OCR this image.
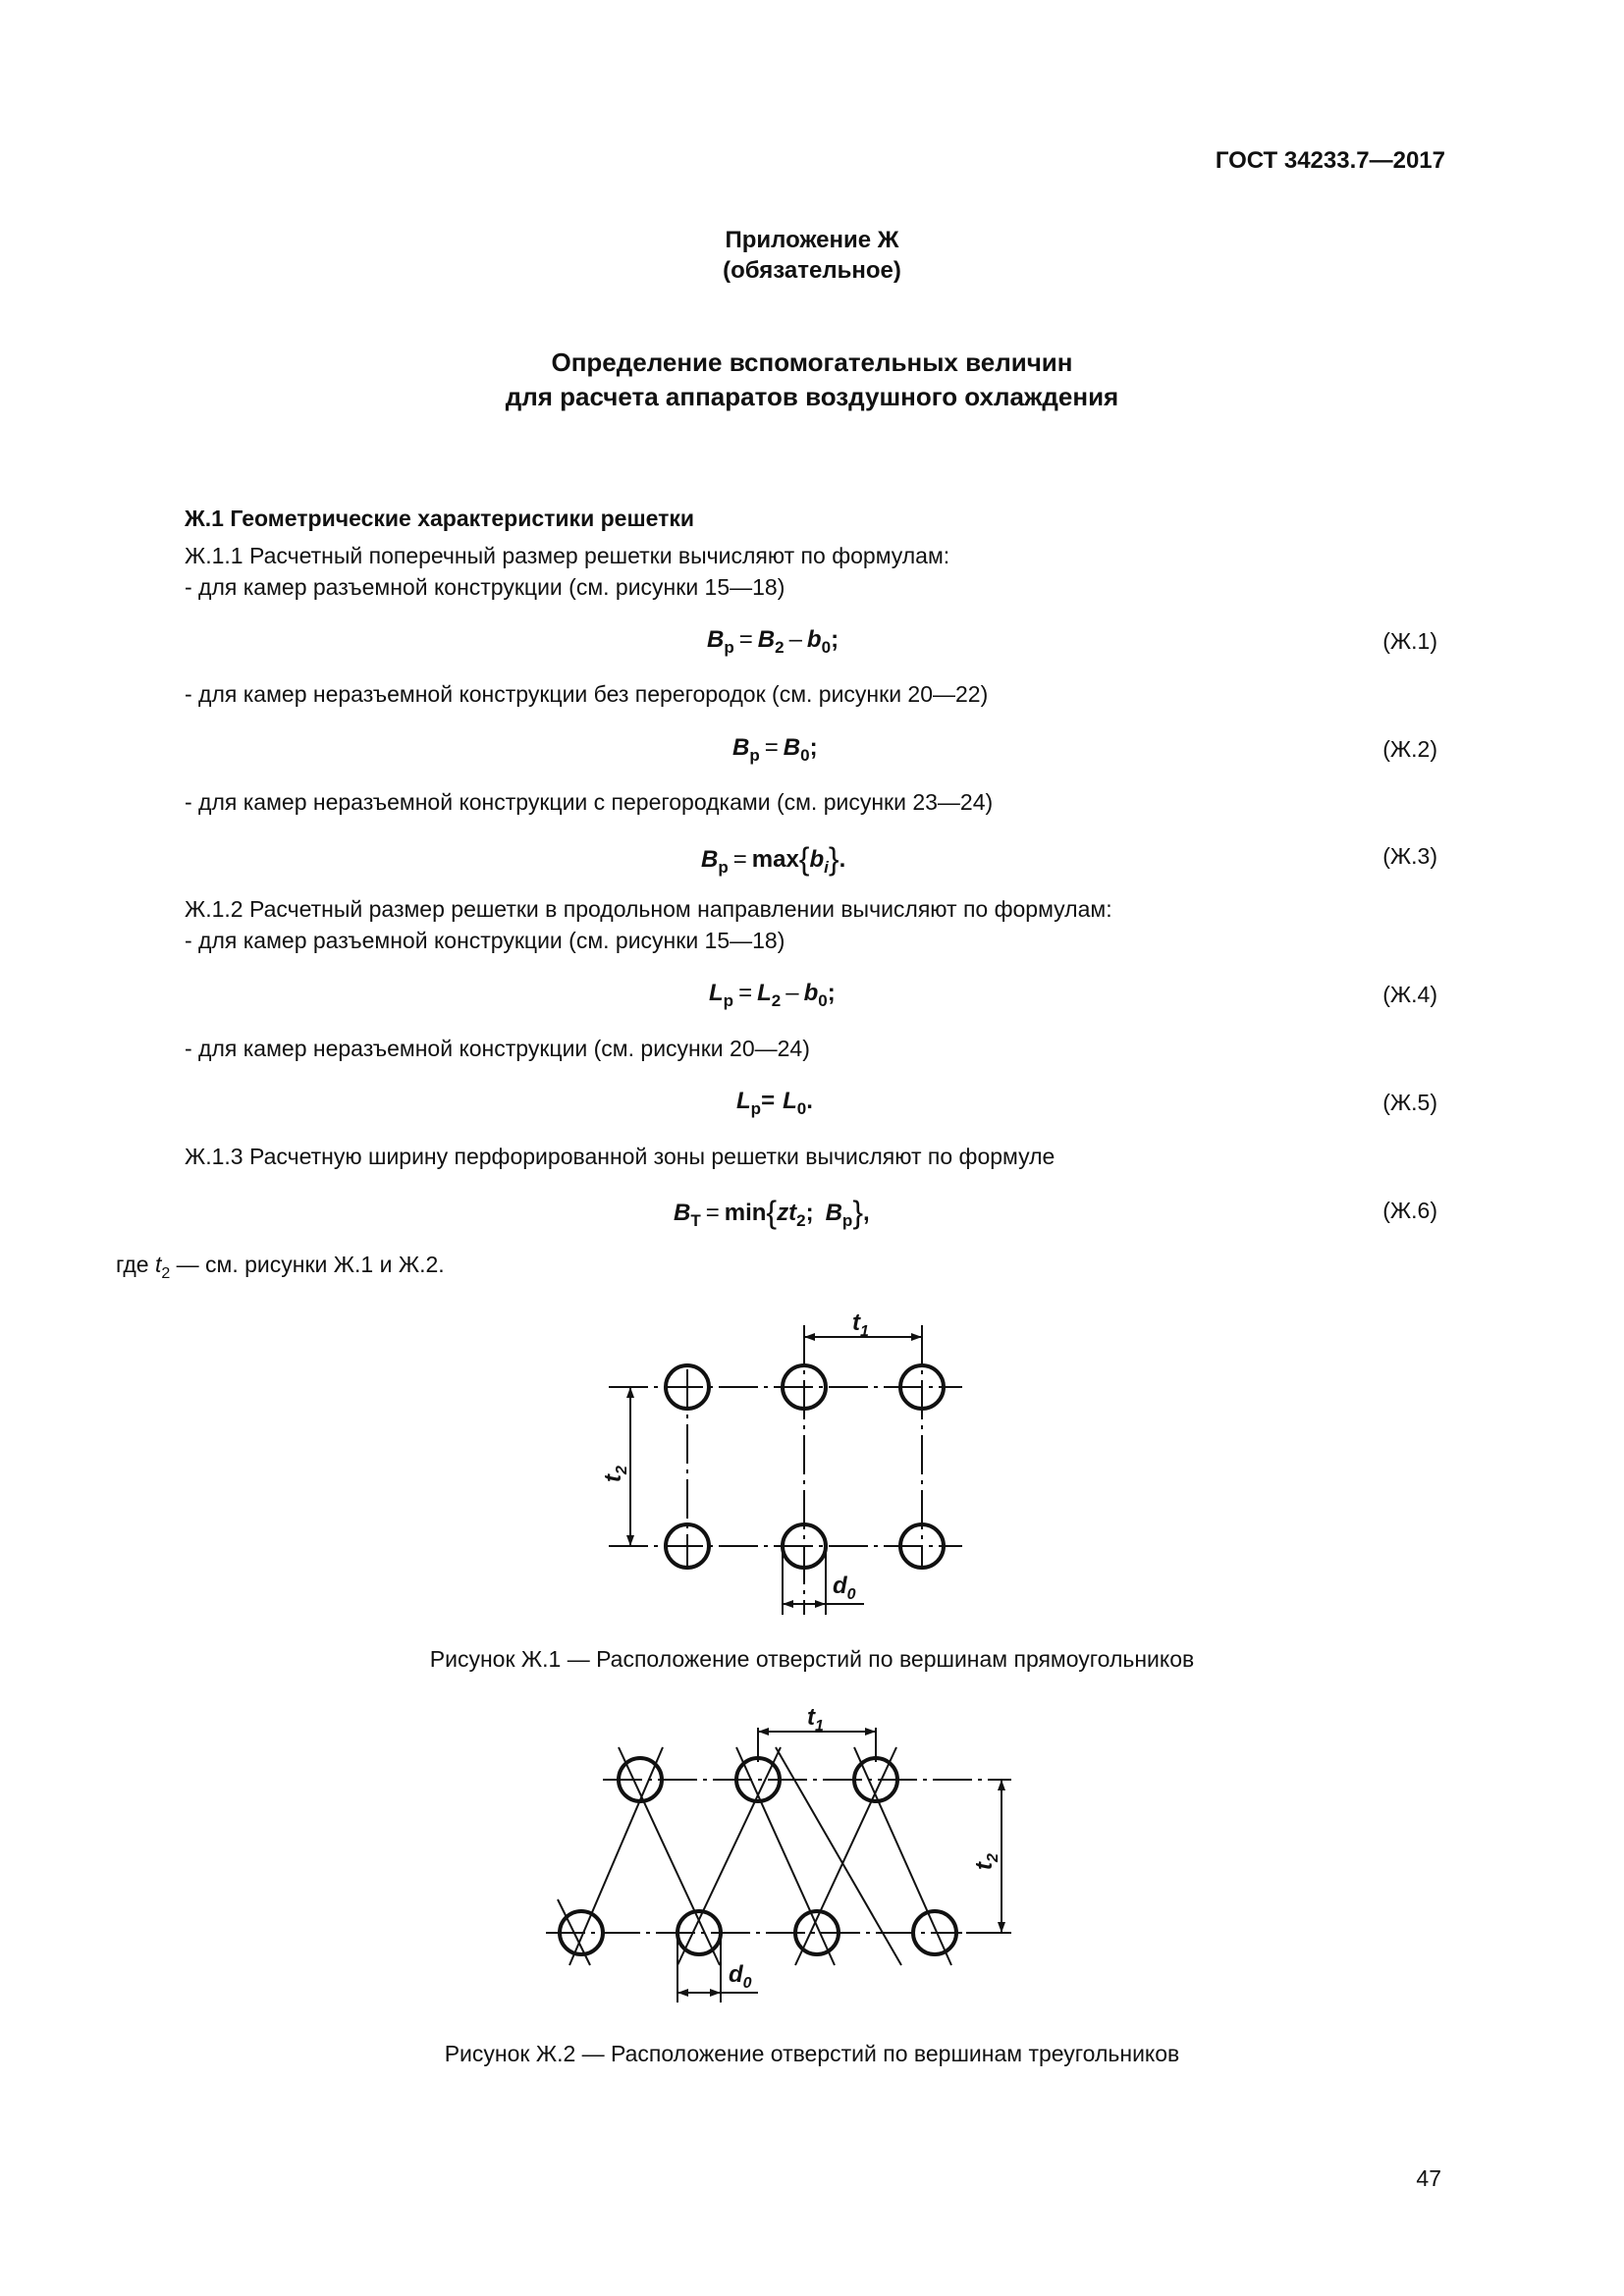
ГОСТ 34233.7—2017
Приложение Ж
(обязательное)
Определение вспомогательных величин
для расчета аппаратов воздушного охлаждения
Ж.1 Геометрические характеристики решетки
Ж.1.1 Расчетный поперечный размер решетки вычисляют по формулам:
- для камер разъемной конструкции (см. рисунки 15—18)
$B_p = B_2 - b_0$;	(Ж.1)
- для камер неразъемной конструкции без перегородок (см. рисунки 20—22)
$B_p = B_0$;	(Ж.2)
- для камер неразъемной конструкции с перегородками (см. рисунки 23—24)
$B_p = \max\{b_i\}$.	(Ж.3)
Ж.1.2 Расчетный размер решетки в продольном направлении вычисляют по формулам:
- для камер разъемной конструкции (см. рисунки 15—18)
$L_p = L_2 - b_0$;	(Ж.4)
- для камер неразъемной конструкции (см. рисунки 20—24)
$L_p= L_0$.	(Ж.5)
Ж.1.3 Расчетную ширину перфорированной зоны решетки вычисляют по формуле
$B_T = \min\{zt_2$; $B_p$},	(Ж.6)
где $t_2$ — см. рисунки Ж.1 и Ж.2.
$t_1$
$t_2$
$d_0$
$t_1$
$t_2$
$d_0$
Рисунок Ж.1 — Расположение отверстий по вершинам прямоугольников
Рисунок Ж.2 — Расположение отверстий по вершинам треугольников
47
